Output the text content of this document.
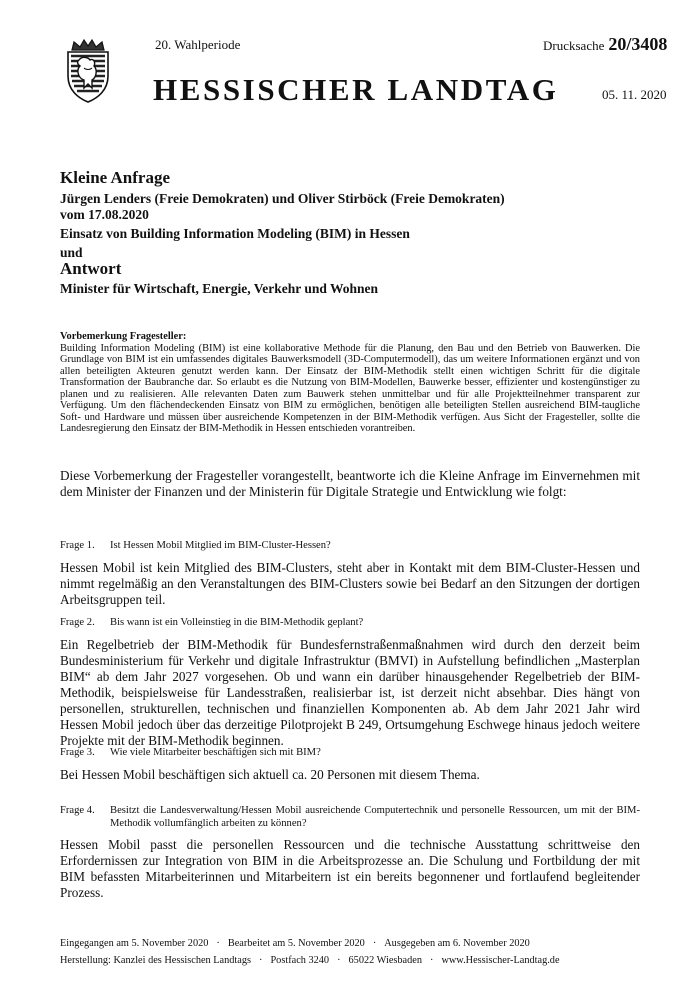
20. Wahlperiode	Drucksache 20/3408
HESSISCHER LANDTAG	05. 11. 2020
Kleine Anfrage
Jürgen Lenders (Freie Demokraten) und Oliver Stirböck (Freie Demokraten)
vom 17.08.2020
Einsatz von Building Information Modeling (BIM) in Hessen
und
Antwort
Minister für Wirtschaft, Energie, Verkehr und Wohnen
Vorbemerkung Fragesteller:
Building Information Modeling (BIM) ist eine kollaborative Methode für die Planung, den Bau und den Betrieb von Bauwerken. Die Grundlage von BIM ist ein umfassendes digitales Bauwerksmodell (3D-Computermodell), das um weitere Informationen ergänzt und von allen beteiligten Akteuren genutzt werden kann. Der Einsatz der BIM-Methodik stellt einen wichtigen Schritt für die digitale Transformation der Baubranche dar. So erlaubt es die Nutzung von BIM-Modellen, Bauwerke besser, effizienter und kostengünstiger zu planen und zu realisieren. Alle relevanten Daten zum Bauwerk stehen unmittelbar und für alle Projektteilnehmer transparent zur Verfügung. Um den flächendeckenden Einsatz von BIM zu ermöglichen, benötigen alle beteiligten Stellen ausreichend BIM-taugliche Soft- und Hardware und müssen über ausreichende Kompetenzen in der BIM-Methodik verfügen. Aus Sicht der Fragesteller, sollte die Landesregierung den Einsatz der BIM-Methodik in Hessen entschieden vorantreiben.
Diese Vorbemerkung der Fragesteller vorangestellt, beantworte ich die Kleine Anfrage im Einvernehmen mit dem Minister der Finanzen und der Ministerin für Digitale Strategie und Entwicklung wie folgt:
Frage 1. Ist Hessen Mobil Mitglied im BIM-Cluster-Hessen?
Hessen Mobil ist kein Mitglied des BIM-Clusters, steht aber in Kontakt mit dem BIM-Cluster-Hessen und nimmt regelmäßig an den Veranstaltungen des BIM-Clusters sowie bei Bedarf an den Sitzungen der dortigen Arbeitsgruppen teil.
Frage 2. Bis wann ist ein Volleinstieg in die BIM-Methodik geplant?
Ein Regelbetrieb der BIM-Methodik für Bundesfernstraßenmaßnahmen wird durch den derzeit beim Bundesministerium für Verkehr und digitale Infrastruktur (BMVI) in Aufstellung befindlichen „Masterplan BIM“ ab dem Jahr 2027 vorgesehen. Ob und wann ein darüber hinausgehender Regelbetrieb der BIM-Methodik, beispielsweise für Landesstraßen, realisierbar ist, ist derzeit nicht absehbar. Dies hängt von personellen, strukturellen, technischen und finanziellen Komponenten ab. Ab dem Jahr 2021 Jahr wird Hessen Mobil jedoch über das derzeitige Pilotprojekt B 249, Ortsumgehung Eschwege hinaus jedoch weitere Projekte mit der BIM-Methodik beginnen.
Frage 3. Wie viele Mitarbeiter beschäftigen sich mit BIM?
Bei Hessen Mobil beschäftigen sich aktuell ca. 20 Personen mit diesem Thema.
Frage 4. Besitzt die Landesverwaltung/Hessen Mobil ausreichende Computertechnik und personelle Ressourcen, um mit der BIM-Methodik vollumfänglich arbeiten zu können?
Hessen Mobil passt die personellen Ressourcen und die technische Ausstattung schrittweise den Erfordernissen zur Integration von BIM in die Arbeitsprozesse an. Die Schulung und Fortbildung der mit BIM befassten Mitarbeiterinnen und Mitarbeitern ist ein bereits begonnener und fortlaufend begleitender Prozess.
Eingegangen am 5. November 2020 · Bearbeitet am 5. November 2020 · Ausgegeben am 6. November 2020
Herstellung: Kanzlei des Hessischen Landtags · Postfach 3240 · 65022 Wiesbaden · www.Hessischer-Landtag.de
